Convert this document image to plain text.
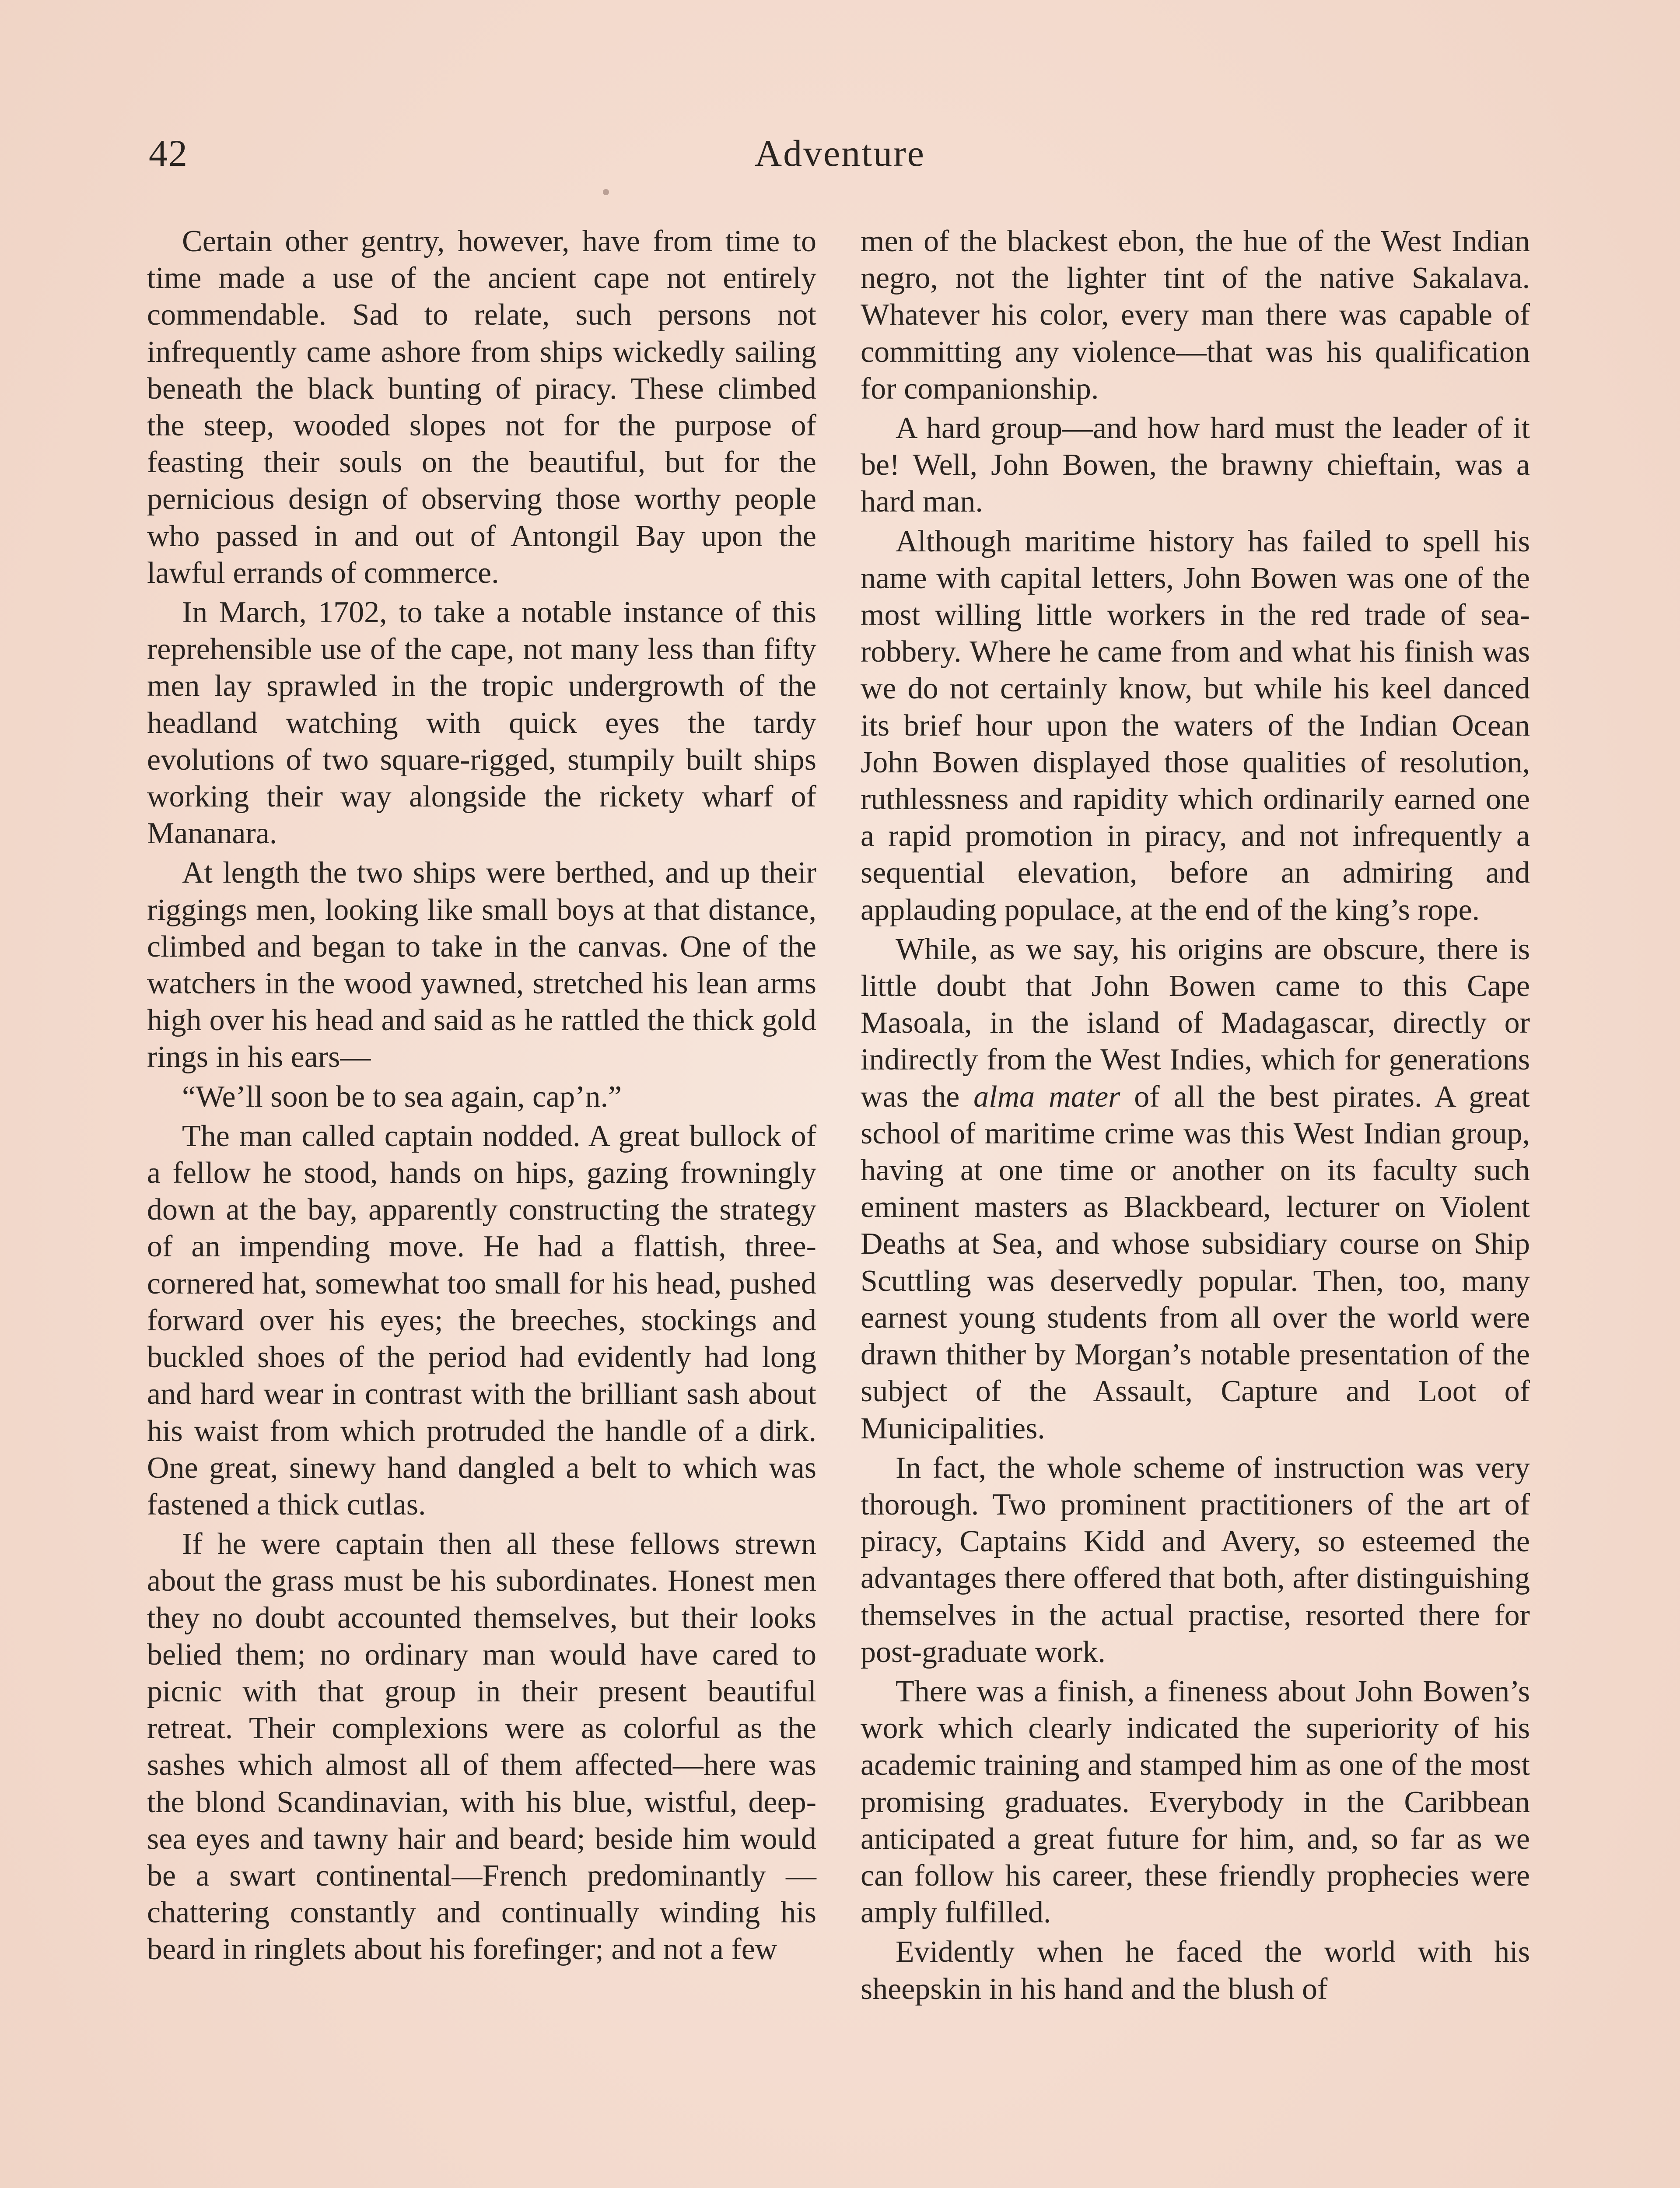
42	Adventure

Certain other gentry, however, have from time to time made a use of the ancient cape not entirely commendable. Sad to relate, such persons not infrequently came ashore from ships wickedly sailing beneath the black bunting of piracy. These climbed the steep, wooded slopes not for the purpose of feasting their souls on the beautiful, but for the pernicious design of observing those worthy people who passed in and out of Antongil Bay upon the lawful errands of commerce.

In March, 1702, to take a notable instance of this reprehensible use of the cape, not many less than fifty men lay sprawled in the tropic undergrowth of the headland watching with quick eyes the tardy evolutions of two square-rigged, stumpily built ships working their way alongside the rickety wharf of Mananara.

At length the two ships were berthed, and up their riggings men, looking like small boys at that distance, climbed and began to take in the canvas. One of the watchers in the wood yawned, stretched his lean arms high over his head and said as he rattled the thick gold rings in his ears—

“We’ll soon be to sea again, cap’n.”

The man called captain nodded. A great bullock of a fellow he stood, hands on hips, gazing frowningly down at the bay, apparently constructing the strategy of an impending move. He had a flattish, three-cornered hat, somewhat too small for his head, pushed forward over his eyes; the breeches, stockings and buckled shoes of the period had evidently had long and hard wear in contrast with the brilliant sash about his waist from which protruded the handle of a dirk. One great, sinewy hand dangled a belt to which was fastened a thick cutlas.

If he were captain then all these fellows strewn about the grass must be his subordinates. Honest men they no doubt accounted themselves, but their looks belied them; no ordinary man would have cared to picnic with that group in their present beautiful retreat. Their complexions were as colorful as the sashes which almost all of them affected—here was the blond Scandinavian, with his blue, wistful, deep-sea eyes and tawny hair and beard; beside him would be a swart continental—French predominantly — chattering constantly and continually winding his beard in ringlets about his forefinger; and not a few

men of the blackest ebon, the hue of the West Indian negro, not the lighter tint of the native Sakalava. Whatever his color, every man there was capable of committing any violence—that was his qualification for companionship.

A hard group—and how hard must the leader of it be! Well, John Bowen, the brawny chieftain, was a hard man.

Although maritime history has failed to spell his name with capital letters, John Bowen was one of the most willing little workers in the red trade of sea-robbery. Where he came from and what his finish was we do not certainly know, but while his keel danced its brief hour upon the waters of the Indian Ocean John Bowen displayed those qualities of resolution, ruthlessness and rapidity which ordinarily earned one a rapid promotion in piracy, and not infrequently a sequential elevation, before an admiring and applauding populace, at the end of the king’s rope.

While, as we say, his origins are obscure, there is little doubt that John Bowen came to this Cape Masoala, in the island of Madagascar, directly or indirectly from the West Indies, which for generations was the alma mater of all the best pirates. A great school of maritime crime was this West Indian group, having at one time or another on its faculty such eminent masters as Blackbeard, lecturer on Violent Deaths at Sea, and whose subsidiary course on Ship Scuttling was deservedly popular. Then, too, many earnest young students from all over the world were drawn thither by Morgan’s notable presentation of the subject of the Assault, Capture and Loot of Municipalities.

In fact, the whole scheme of instruction was very thorough. Two prominent practitioners of the art of piracy, Captains Kidd and Avery, so esteemed the advantages there offered that both, after distinguishing themselves in the actual practise, resorted there for post-graduate work.

There was a finish, a fineness about John Bowen’s work which clearly indicated the superiority of his academic training and stamped him as one of the most promising graduates. Everybody in the Caribbean anticipated a great future for him, and, so far as we can follow his career, these friendly prophecies were amply fulfilled.

Evidently when he faced the world with his sheepskin in his hand and the blush of
